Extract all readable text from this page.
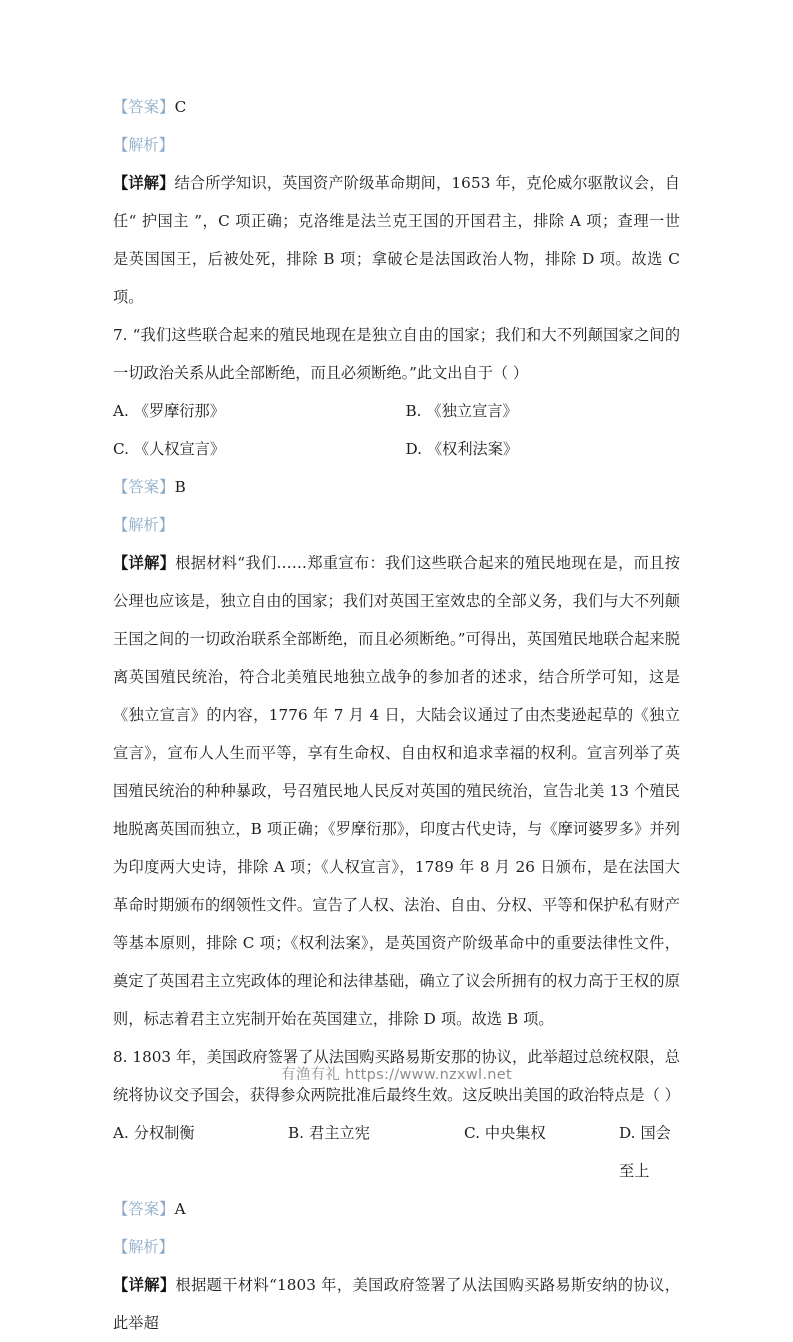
【答案】C

【解析】

【详解】结合所学知识，英国资产阶级革命期间，1653 年，克伦威尔驱散议会，自任“ 护国主 ”，C 项正确；克洛维是法兰克王国的开国君主，排除 A 项；查理一世是英国国王，后被处死，排除 B 项；拿破仑是法国政治人物，排除 D 项。故选 C 项。

7. “我们这些联合起来的殖民地现在是独立自由的国家；我们和大不列颠国家之间的一切政治关系从此全部断绝，而且必须断绝。”此文出自于（ ）

A. 《罗摩衍那》	B. 《独立宣言》
C. 《人权宣言》	D. 《权利法案》

【答案】B

【解析】

【详解】根据材料“我们……郑重宣布：我们这些联合起来的殖民地现在是，而且按公理也应该是，独立自由的国家；我们对英国王室效忠的全部义务，我们与大不列颠王国之间的一切政治联系全部断绝，而且必须断绝。”可得出，英国殖民地联合起来脱离英国殖民统治，符合北美殖民地独立战争的参加者的述求，结合所学可知，这是《独立宣言》的内容，1776 年 7 月 4 日，大陆会议通过了由杰斐逊起草的《独立宣言》，宣布人人生而平等，享有生命权、自由权和追求幸福的权利。宣言列举了英国殖民统治的种种暴政，号召殖民地人民反对英国的殖民统治，宣告北美 13 个殖民地脱离英国而独立，B 项正确；《罗摩衍那》，印度古代史诗，与《摩诃婆罗多》并列为印度两大史诗，排除 A 项；《人权宣言》，1789 年 8 月 26 日颁布，是在法国大革命时期颁布的纲领性文件。宣告了人权、法治、自由、分权、平等和保护私有财产等基本原则，排除 C 项；《权利法案》，是英国资产阶级革命中的重要法律性文件，奠定了英国君主立宪政体的理论和法律基础，确立了议会所拥有的权力高于王权的原则，标志着君主立宪制开始在英国建立，排除 D 项。故选 B 项。

8. 1803 年，美国政府签署了从法国购买路易斯安那的协议，此举超过总统权限，总统将协议交予国会，获得参众两院批准后最终生效。这反映出美国的政治特点是（ ）

A. 分权制衡	B. 君主立宪	C. 中央集权	D. 国会至上

【答案】A

【解析】

【详解】根据题干材料“1803 年，美国政府签署了从法国购买路易斯安纳的协议，此举超

有渔有礼 https://www.nzxwl.net
